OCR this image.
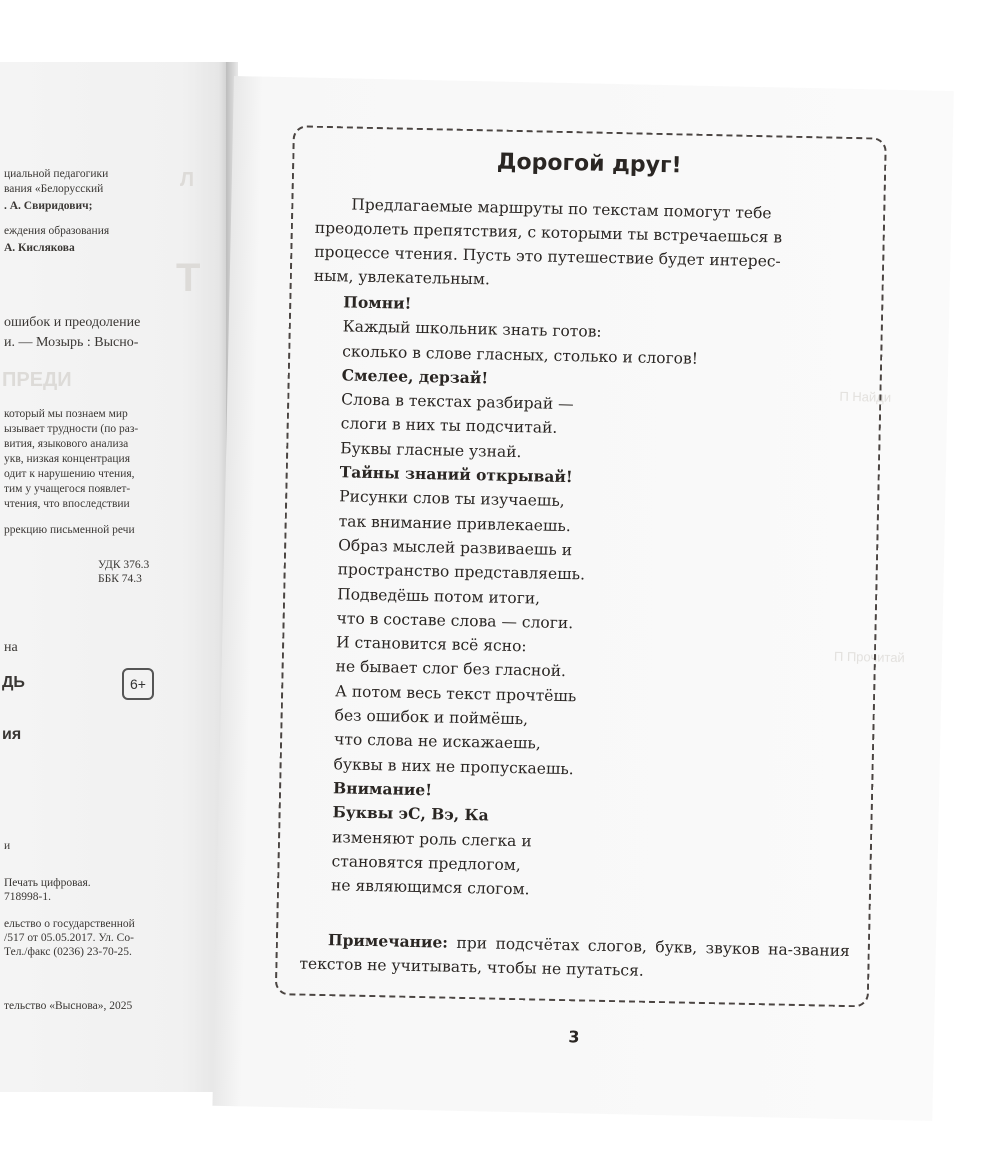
Л
циальной педагогики
вания «Белорусский
. А. Свиридович;
еждения образования
А. Кислякова
Т
ошибок и преодоление
и. — Мозырь : Выcно-
ПРЕДИ
который мы познаем мир
ызывает трудности (по раз-
вития, языкового анализа
укв, низкая концентрация
одит к нарушению чтения,
тим у учащегося появлет-
чтения, что впоследствии
ррекцию письменной речи
УДК 376.3
ББК 74.3
на
ДЬ	6+
ия
и
Печать цифровая.
718998-1.
ельство о государственной
/517 от 05.05.2017. Ул. Со-
Тел./факс (0236) 23-70-25.
тельство «Выснова», 2025
П Найди
П Прочитай
Дорогой друг!
Предлагаемые маршруты по текстам помогут тебе
преодолеть препятствия, с которыми ты встречаешься в
процессе чтения. Пусть это путешествие будет интерес-
ным, увлекательным.
Помни!
Каждый школьник знать готов:
сколько в слове гласных, столько и слогов!
Смелее, дерзай!
Слова в текстах разбирай —
слоги в них ты подсчитай.
Буквы гласные узнай.
Тайны знаний открывай!
Рисунки слов ты изучаешь,
так внимание привлекаешь.
Образ мыслей развиваешь и
пространство представляешь.
Подведёшь потом итоги,
что в составе слова — слоги.
И становится всё ясно:
не бывает слог без гласной.
А потом весь текст прочтёшь
без ошибок и поймёшь,
что слова не искажаешь,
буквы в них не пропускаешь.
Внимание!
Буквы эС, Вэ, Ка
изменяют роль слегка и
становятся предлогом,
не являющимся слогом.
Примечание: при подсчётах слогов, букв, звуков на-звания текстов не учитывать, чтобы не путаться.
3
